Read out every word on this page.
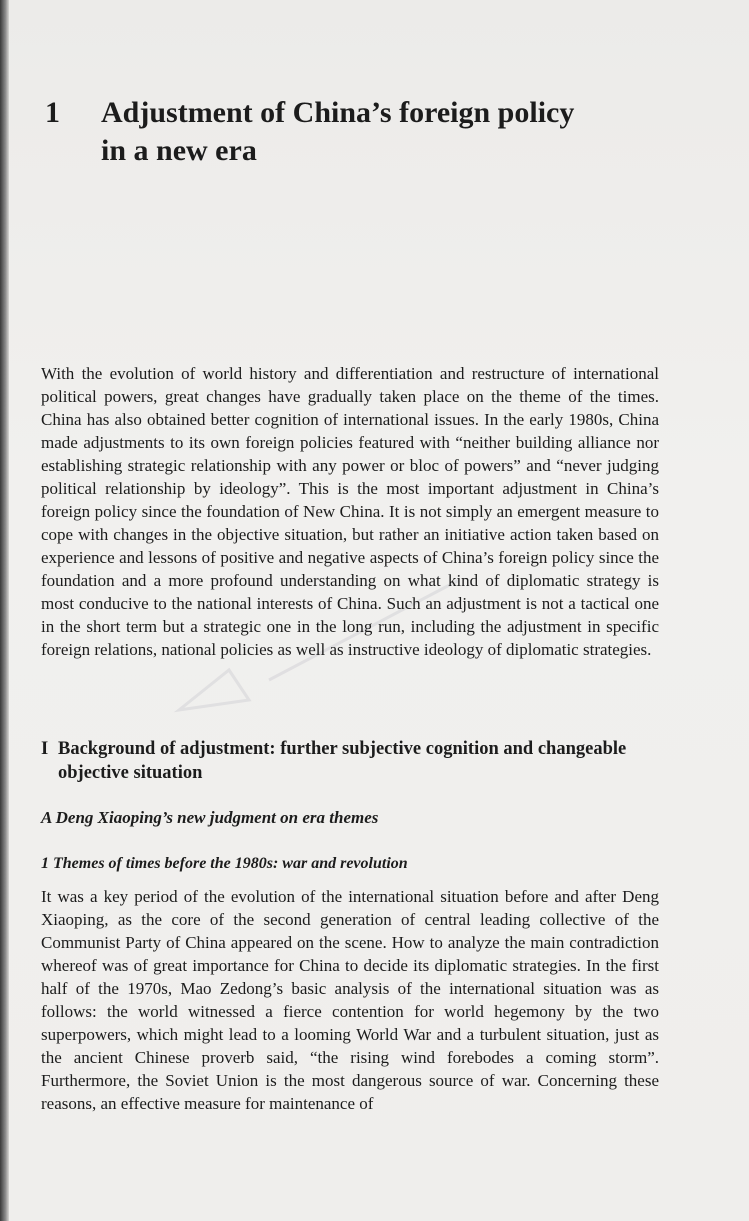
1	Adjustment of China’s foreign policy in a new era

With the evolution of world history and differentiation and restructure of international political powers, great changes have gradually taken place on the theme of the times. China has also obtained better cognition of international issues. In the early 1980s, China made adjustments to its own foreign policies featured with “neither building alliance nor establishing strategic relationship with any power or bloc of powers” and “never judging political relationship by ideology”. This is the most important adjustment in China’s foreign policy since the foundation of New China. It is not simply an emergent measure to cope with changes in the objective situation, but rather an initiative action taken based on experience and lessons of positive and negative aspects of China’s foreign policy since the foundation and a more profound understanding on what kind of diplomatic strategy is most conducive to the national interests of China. Such an adjustment is not a tactical one in the short term but a strategic one in the long run, including the adjustment in specific foreign relations, national policies as well as instructive ideology of diplomatic strategies.

I Background of adjustment: further subjective cognition and changeable objective situation
A Deng Xiaoping’s new judgment on era themes
1 Themes of times before the 1980s: war and revolution

It was a key period of the evolution of the international situation before and after Deng Xiaoping, as the core of the second generation of central leading collective of the Communist Party of China appeared on the scene. How to analyze the main contradiction whereof was of great importance for China to decide its diplomatic strategies. In the first half of the 1970s, Mao Zedong’s basic analysis of the international situation was as follows: the world witnessed a fierce contention for world hegemony by the two superpowers, which might lead to a looming World War and a turbulent situation, just as the ancient Chinese proverb said, “the rising wind forebodes a coming storm”. Furthermore, the Soviet Union is the most dangerous source of war. Concerning these reasons, an effective measure for maintenance of
